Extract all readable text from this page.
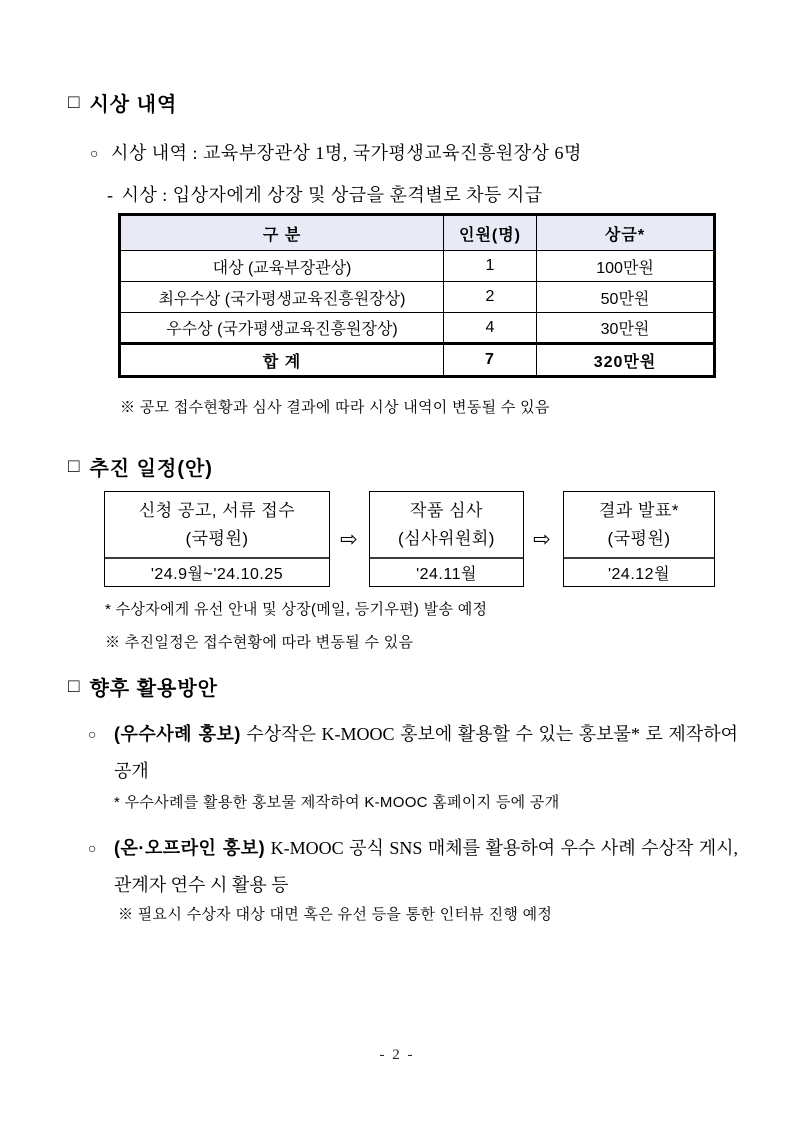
□ 시상 내역
○ 시상 내역 : 교육부장관상 1명, 국가평생교육진흥원장상 6명
- 시상 : 입상자에게 상장 및 상금을 훈격별로 차등 지급
구 분	인원(명)	상금*
대상 (교육부장관상)	1	100만원
최우수상 (국가평생교육진흥원장상)	2	50만원
우수상 (국가평생교육진흥원장상)	4	30만원
합 계	7	320만원
※ 공모 접수현황과 심사 결과에 따라 시상 내역이 변동될 수 있음
□ 추진 일정(안)
신청 공고, 서류 접수
(국평원)
'24.9월~'24.10.25
⇨
작품 심사
(심사위원회)
'24.11월
⇨
결과 발표*
(국평원)
'24.12월
* 수상자에게 유선 안내 및 상장(메일, 등기우편) 발송 예정
※ 추진일정은 접수현황에 따라 변동될 수 있음
□ 향후 활용방안
○ (우수사례 홍보) 수상작은 K-MOOC 홍보에 활용할 수 있는 홍보물* 로 제작하여 공개
* 우수사례를 활용한 홍보물 제작하여 K-MOOC 홈페이지 등에 공개
○ (온·오프라인 홍보) K-MOOC 공식 SNS 매체를 활용하여 우수 사례 수상작 게시, 관계자 연수 시 활용 등
※ 필요시 수상자 대상 대면 혹은 유선 등을 통한 인터뷰 진행 예정
- 2 -
